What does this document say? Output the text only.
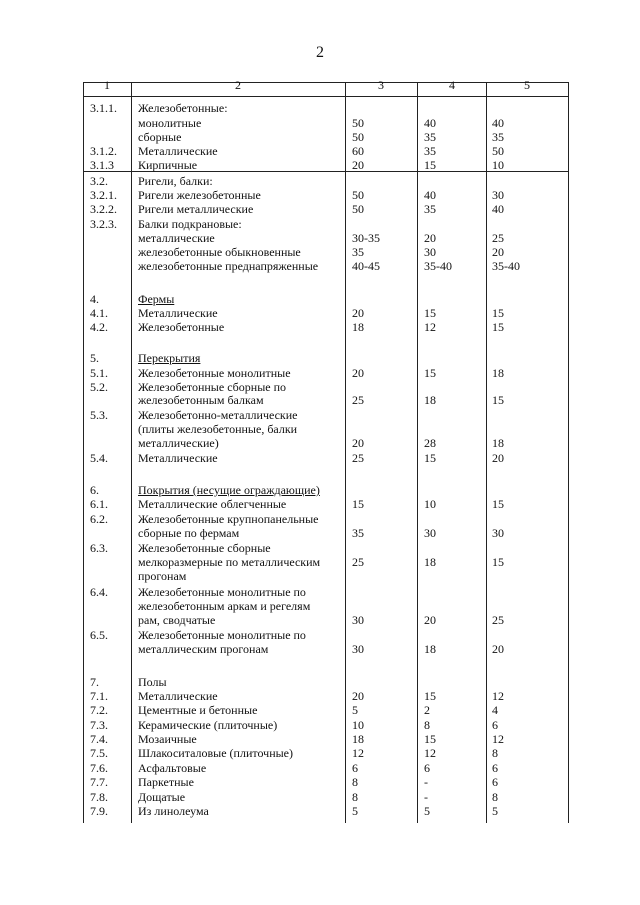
2
1	2	3	4	5
3.1.1. Железобетонные:
монолитные	50	40	40
сборные	50	35	35
3.1.2. Металлические	60	35	50
3.1.3 Кирпичные	20	15	10
3.2.	Ригели, балки:
3.2.1. Ригели железобетонные	50	40	30
3.2.2. Ригели металлические	50	35	40
3.2.3. Балки подкрановые:
металлические	30-35	20	25
железобетонные обыкновенные	35	30	20
железобетонные преднапряженные	40-45	35-40	35-40
4.	Фермы
4.1.	Металлические	20	15	15
4.2.	Железобетонные	18	12	15
5.	Перекрытия
5.1.	Железобетонные монолитные	20	15	18
5.2.	Железобетонные сборные по
железобетонным балкам	25	18	15
5.3.	Железобетонно-металлические
(плиты железобетонные, балки
металлические)	20	28	18
5.4.	Металлические	25	15	20
6.	Покрытия (несущие ограждающие)
6.1.	Металлические облегченные	15	10	15
6.2.	Железобетонные крупнопанельные
сборные по фермам	35	30	30
6.3.	Железобетонные сборные
мелкоразмерные по металлическим	25	18	15
прогонам
6.4.	Железобетонные монолитные по
железобетонным аркам и регелям
рам, сводчатые	30	20	25
6.5.	Железобетонные монолитные по
металлическим прогонам	30	18	20
7.	Полы
7.1.	Металлические	20	15	12
7.2.	Цементные и бетонные	5	2	4
7.3.	Керамические (плиточные)	10	8	6
7.4.	Мозаичные	18	15	12
7.5.	Шлакоситаловые (плиточные)	12	12	8
7.6.	Асфальтовые	6	6	6
7.7.	Паркетные	8	-	6
7.8.	Дощатые	8	-	8
7.9.	Из линолеума	5	5	5
